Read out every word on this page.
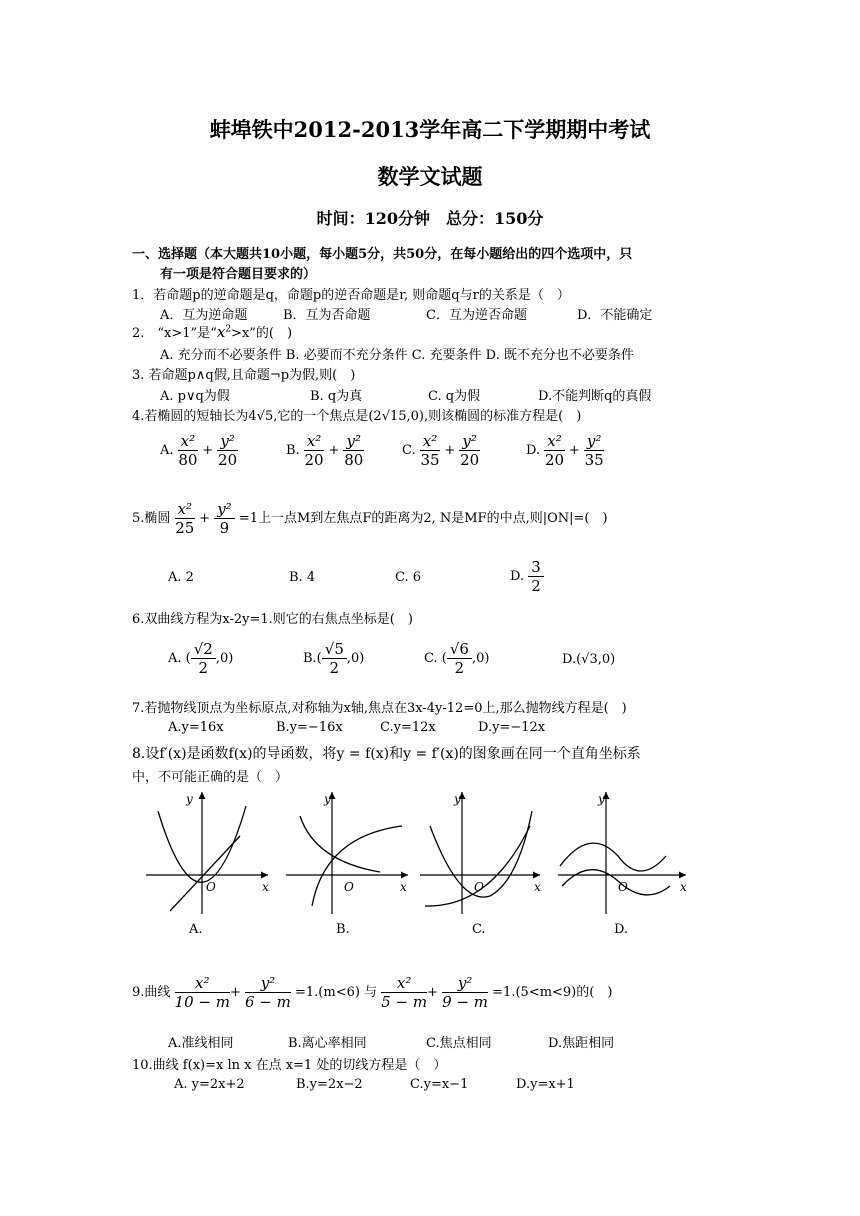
蚌埠铁中2012-2013学年高二下学期期中考试
数学文试题
时间：120分钟　总分：150分
一、选择题（本大题共10小题，每小题5分，共50分，在每小题给出的四个选项中，只
有一项是符合题目要求的）
1．若命题p的逆命题是q，命题p的逆否命题是r, 则命题q与r的关系是（　）
A．互为逆命题	B．互为否命题	C．互为逆否命题	D．不能确定
2.　“x>1”是“$x^2>x$”的(　)
A. 充分而不必要条件 B. 必要而不充分条件 C. 充要条件 D. 既不充分也不必要条件
3. 若命题p∧q假,且命题¬p为假,则(　)
A. p∨q为假	B. q为真	C. q为假	D.不能判断q的真假
4.若椭圆的短轴长为4√5,它的一个焦点是(2√15,0),则该椭圆的标准方程是(　)
A. $\frac{\text{x²}}{80} + \frac{\text{y²}}{20}$	B. $\frac{\text{x²}}{20} + \frac{\text{y²}}{80}$	C. $\frac{\text{x²}}{35} + \frac{\text{y²}}{20}$	D. $\frac{\text{x²}}{20} + \frac{\text{y²}}{35}$
5.椭圆 $\frac{\text{x²}}{25} + \frac{\text{y²}}{9} =1$上一点M到左焦点F的距离为2, N是MF的中点,则|ON|=(　)
A. 2	B. 4	C. 6	D. $\frac{3}{2}$
6.双曲线方程为x-2y=1.则它的右焦点坐标是(　)
A. ( $\frac{√2}{2} ,0$)	$B.( \frac{√5}{2} ,0)$	C. ( $\frac{√6}{2} ,0$)	D.(√3,0)
7.若抛物线顶点为坐标原点,对称轴为x轴,焦点在3x-4y-12=0上,那么抛物线方程是(　)
A.y=16x	B.y=−16x	C.y=12x	D.y=−12x
8.设f′(x)是函数f(x)的导函数，将y = f(x)和y = f′(x)的图象画在同一个直角坐标系
中，不可能正确的是（　）
y
x
O
A.
y
x
O
B.
y
x
O
C.
y
x
O
D.
9.曲线 $\frac{\text{x²}}{10 - m} + \frac{\text{y²}}{6 - m} =1.(m<6)$ 与 $\frac{\text{x²}}{5 - m} + \frac{\text{y²}}{9 - m} =1.(5<m<9)$的(　)
A.准线相同	B.离心率相同	C.焦点相同	D.焦距相同
10.曲线 f(x)=x ln x 在点 x=1 处的切线方程是（　）
A. y=2x+2	B.y=2x−2	C.y=x−1	D.y=x+1
